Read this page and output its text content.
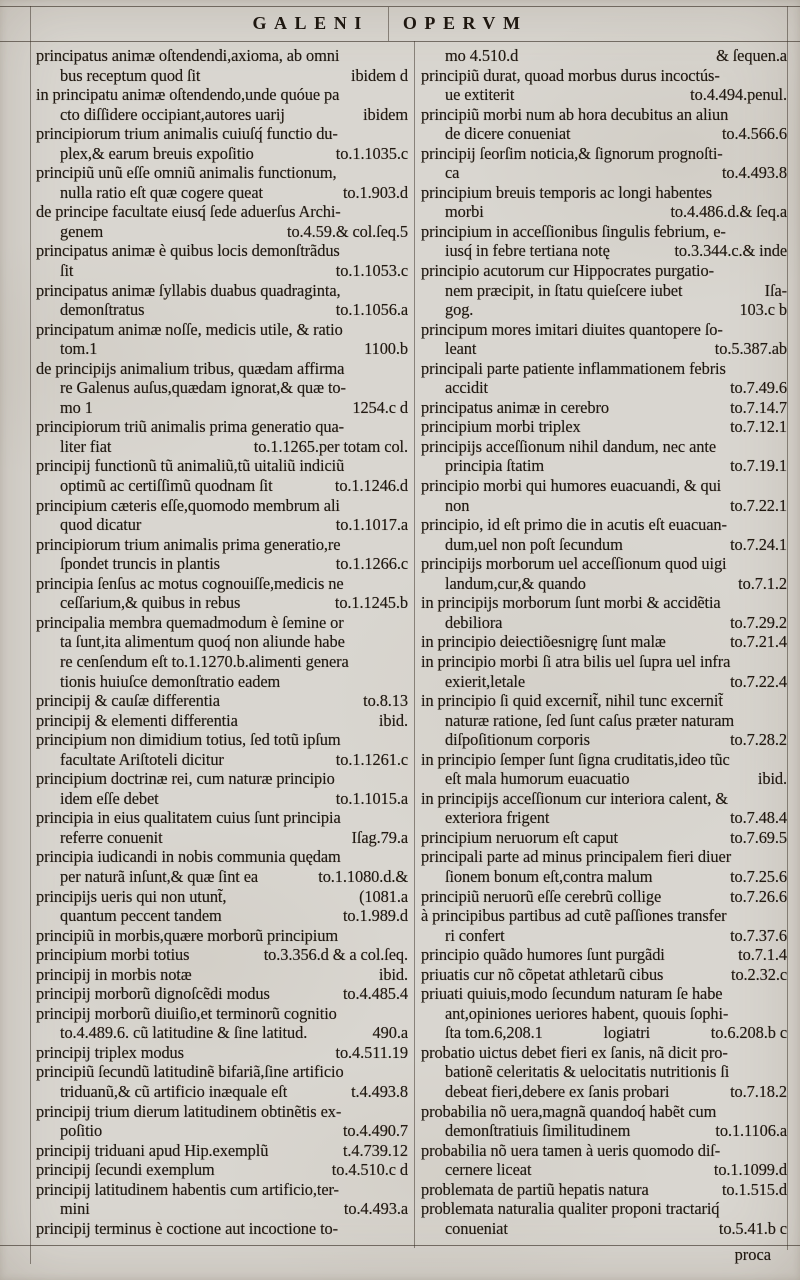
GALENI OPERVM
principatus animæ oſtendendi,axioma, ab omni
bus receptum quod ſit	ibidem d
in principatu animæ oſtendendo,unde quóue pa
cto diſſidere occipiant,autores uarij	ibidem
principiorum trium animalis cuiuſq́ functio du-
plex,& earum breuis expoſitio	to.1.1035.c
principiũ unũ eſſe omniũ animalis functionum,
nulla ratio eſt quæ cogere queat	to.1.903.d
de principe facultate eiusq́ ſede aduerſus Archi-
genem	to.4.59.& col.ſeq.5
principatus animæ è quibus locis demonſtrãdus
ſit	to.1.1053.c
principatus animæ ſyllabis duabus quadraginta,
demonſtratus	to.1.1056.a
principatum animæ noſſe, medicis utile, & ratio
tom.1	1100.b
de principijs animalium tribus, quædam affirma
re Galenus auſus,quædam ignorat,& quæ to-
mo 1	1254.c d
principiorum triũ animalis prima generatio qua-
liter fiat	to.1.1265.per totam col.
principij functionũ tũ animaliũ,tũ uitaliũ indiciũ
optimũ ac certiſſimũ quodnam ſit	to.1.1246.d
principium cæteris eſſe,quomodo membrum ali
quod dicatur	to.1.1017.a
principiorum trium animalis prima generatio,re
ſpondet truncis in plantis	to.1.1266.c
principia ſenſus ac motus cognouiſſe,medicis ne
ceſſarium,& quibus in rebus	to.1.1245.b
principalia membra quemadmodum è ſemine or
ta ſunt,ita alimentum quoq́ non aliunde habe
re cenſendum eſt to.1.1270.b.alimenti genera
tionis huiuſce demonſtratio eadem
principij & cauſæ differentia	to.8.13
principij & elementi differentia	ibid.
principium non dimidium totius, ſed totũ ipſum
facultate Ariſtoteli dicitur	to.1.1261.c
principium doctrinæ rei, cum naturæ principio
idem eſſe debet	to.1.1015.a
principia in eius qualitatem cuius ſunt principia
referre conuenit	Iſag.79.a
principia iudicandi in nobis communia quędam
per naturã inſunt,& quæ ſint ea	to.1.1080.d.&
principijs ueris qui non utunt̃,	(1081.a
quantum peccent tandem	to.1.989.d
principiũ in morbis,quære morborũ principium
principium morbi totius	to.3.356.d & a col.ſeq.
principij in morbis notæ	ibid.
principij morborũ dignoſcẽdi modus	to.4.485.4
principij morborũ diuiſio,et terminorũ cognitio
to.4.489.6. cũ latitudine & ſine latitud.	490.a
principij triplex modus	to.4.511.19
principiũ ſecundũ latitudinẽ bifariã,ſine artificio
triduanũ,& cũ artificio inæquale eſt	t.4.493.8
principij trium dierum latitudinem obtinẽtis ex-
poſitio	to.4.490.7
principij triduani apud Hip.exemplũ	t.4.739.12
principij ſecundi exemplum	to.4.510.c d
principij latitudinem habentis cum artificio,ter-
mini	to.4.493.a
principij terminus è coctione aut incoctione to-
mo 4.510.d	& ſequen.a
principiũ durat, quoad morbus durus incoctús-
ue extiterit	to.4.494.penul.
principiũ morbi num ab hora decubitus an aliun
de dicere conueniat	to.4.566.6
principij ſeorſim noticia,& ſignorum prognoſti-
ca	to.4.493.8
principium breuis temporis ac longi habentes
morbi	to.4.486.d.& ſeq.a
principium in acceſſionibus ſingulis febrium, e-
iusq́ in febre tertiana notę	to.3.344.c.& inde
principio acutorum cur Hippocrates purgatio-
nem præcipit, in ſtatu quieſcere iubet	Iſa-
gog.	103.c b
principum mores imitari diuites quantopere ſo-
leant	to.5.387.ab
principali parte patiente inflammationem febris
accidit	to.7.49.6
principatus animæ in cerebro	to.7.14.7
principium morbi triplex	to.7.12.1
principijs acceſſionum nihil dandum, nec ante
principia ſtatim	to.7.19.1
principio morbi qui humores euacuandi, & qui
non	to.7.22.1
principio, id eſt primo die in acutis eſt euacuan-
dum,uel non poſt ſecundum	to.7.24.1
principijs morborum uel acceſſionum quod uigi
landum,cur,& quando	to.7.1.2
in principijs morborum ſunt morbi & accidẽtia
debiliora	to.7.29.2
in principio deiectiõesnigrę ſunt malæ	to.7.21.4
in principio morbi ſi atra bilis uel ſupra uel infra
exierit,letale	to.7.22.4
in principio ſi quid excernit̃, nihil tunc excernit̃
naturæ ratione, ſed ſunt caſus præter naturam
diſpoſitionum corporis	to.7.28.2
in principio ſemper ſunt ſigna cruditatis,ideo tũc
eſt mala humorum euacuatio	ibid.
in principijs acceſſionum cur interiora calent, &
exteriora frigent	to.7.48.4
principium neruorum eſt caput	to.7.69.5
principali parte ad minus principalem fieri diuer
ſionem bonum eſt,contra malum	to.7.25.6
principiũ neruorũ eſſe cerebrũ collige	to.7.26.6
à principibus partibus ad cutẽ paſſiones transfer
ri confert	to.7.37.6
principio quãdo humores ſunt purgãdi	to.7.1.4
priuatis cur nõ cõpetat athletarũ cibus	to.2.32.c
priuati quiuis,modo ſecundum naturam ſe habe
ant,opiniones ueriores habent, quouis ſophi-
ſta tom.6,208.1	logiatri	to.6.208.b c
probatio uictus debet fieri ex ſanis, nã dicit pro-
bationẽ celeritatis & uelocitatis nutritionis ſi
debeat fieri,debere ex ſanis probari	to.7.18.2
probabilia nõ uera,magnã quandoq́ habẽt cum
demonſtratiuis ſimilitudinem	to.1.1106.a
probabilia nõ uera tamen à ueris quomodo diſ-
cernere liceat	to.1.1099.d
problemata de partiũ hepatis natura	to.1.515.d
problemata naturalia qualiter proponi tractariq́
conueniat	to.5.41.b c
proca
